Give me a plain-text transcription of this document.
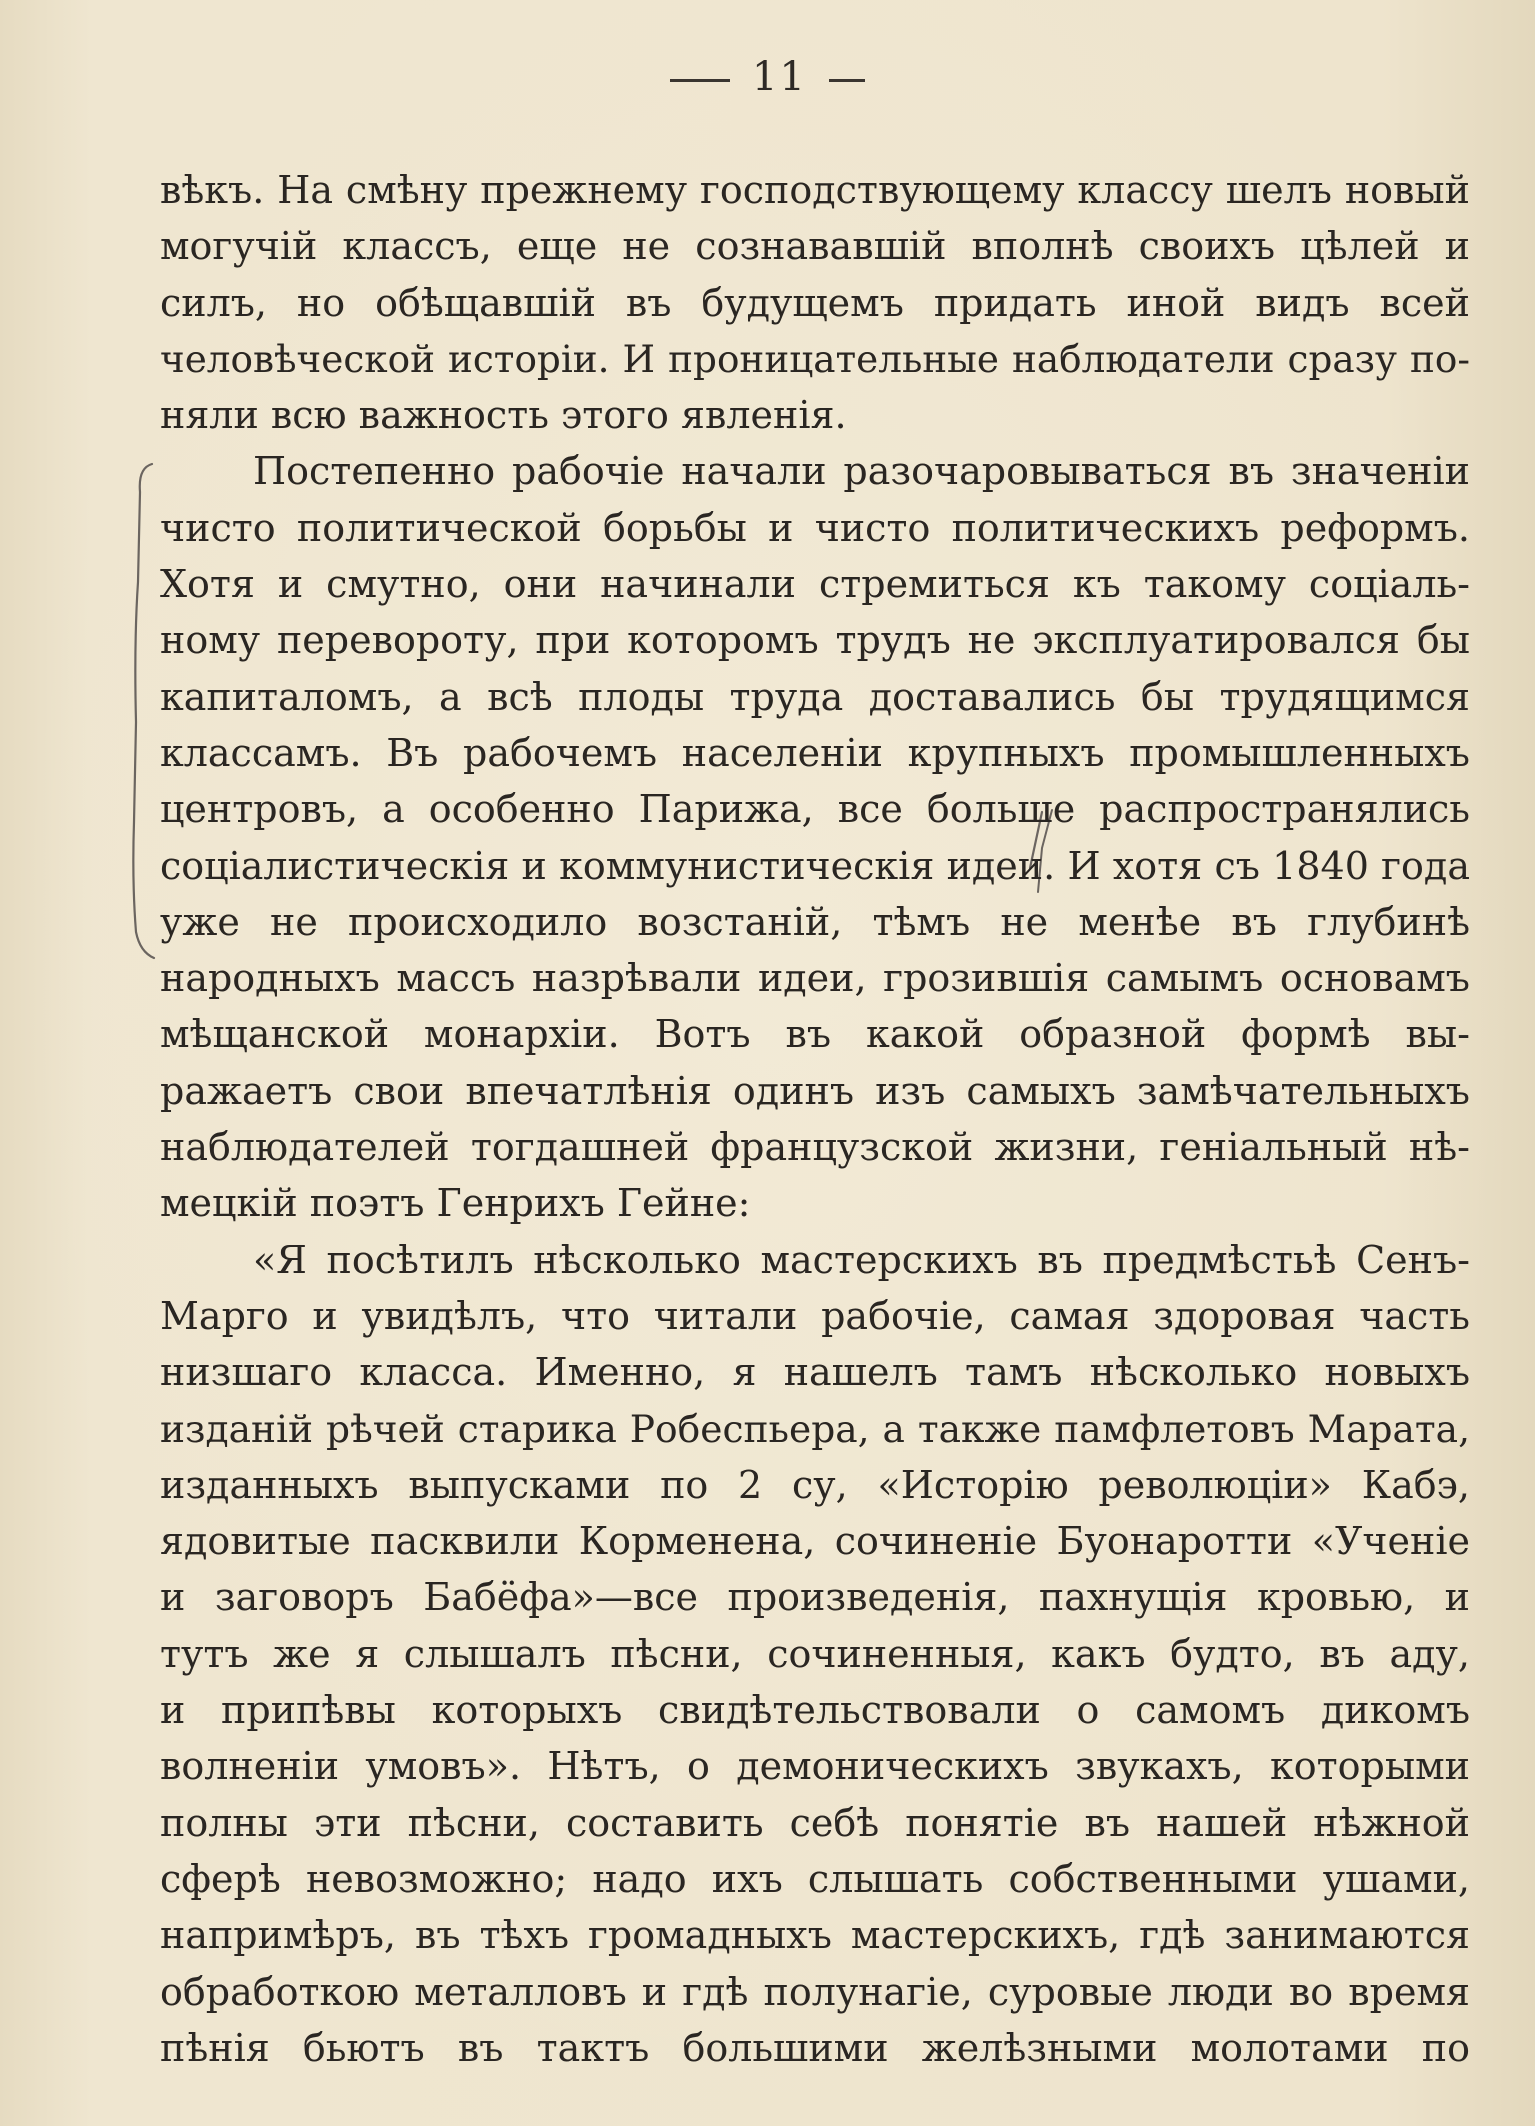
11
вѣкъ. На смѣну прежнему господствующему классу шелъ новый
могучій классъ, еще не сознававшій вполнѣ своихъ цѣлей и
силъ, но обѣщавшій въ будущемъ придать иной видъ всей
человѣческой исторіи. И проницательные наблюдатели сразу по-
няли всю важность этого явленія.
Постепенно рабочіе начали разочаровываться въ значеніи
чисто политической борьбы и чисто политическихъ реформъ.
Хотя и смутно, они начинали стремиться къ такому соціаль-
ному перевороту, при которомъ трудъ не эксплуатировался бы
капиталомъ, а всѣ плоды труда доставались бы трудящимся
классамъ. Въ рабочемъ населеніи крупныхъ промышленныхъ
центровъ, а особенно Парижа, все больше распространялись
соціалистическія и коммунистическія идеи. И хотя съ 1840 года
уже не происходило возстаній, тѣмъ не менѣе въ глубинѣ
народныхъ массъ назрѣвали идеи, грозившія самымъ основамъ
мѣщанской монархіи. Вотъ въ какой образной формѣ вы-
ражаетъ свои впечатлѣнія одинъ изъ самыхъ замѣчательныхъ
наблюдателей тогдашней французской жизни, геніальный нѣ-
мецкій поэтъ Генрихъ Гейне:
«Я посѣтилъ нѣсколько мастерскихъ въ предмѣстьѣ Сенъ-
Марго и увидѣлъ, что читали рабочіе, самая здоровая часть
низшаго класса. Именно, я нашелъ тамъ нѣсколько новыхъ
изданій рѣчей старика Робеспьера, а также памфлетовъ Марата,
изданныхъ выпусками по 2 су, «Исторію революціи» Кабэ,
ядовитые пасквили Корменена, сочиненіе Буонаротти «Ученіе
и заговоръ Бабёфа»—все произведенія, пахнущія кровью, и
тутъ же я слышалъ пѣсни, сочиненныя, какъ будто, въ аду,
и припѣвы которыхъ свидѣтельствовали о самомъ дикомъ
волненіи умовъ». Нѣтъ, о демоническихъ звукахъ, которыми
полны эти пѣсни, составить себѣ понятіе въ нашей нѣжной
сферѣ невозможно; надо ихъ слышать собственными ушами,
напримѣръ, въ тѣхъ громадныхъ мастерскихъ, гдѣ занимаются
обработкою металловъ и гдѣ полунагіе, суровые люди во время
пѣнія бьютъ въ тактъ большими желѣзными молотами по
